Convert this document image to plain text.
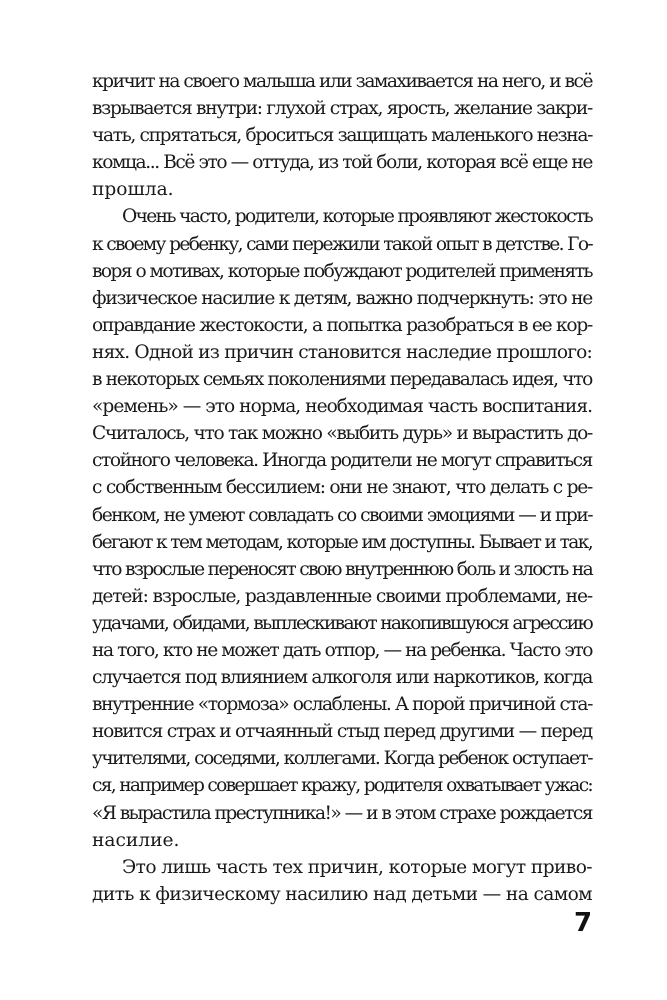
кричит на своего малыша или замахивается на него, и всё
взрывается внутри: глухой страх, ярость, желание закри-
чать, спрятаться, броситься защищать маленького незна-
комца... Всё это — оттуда, из той боли, которая всё еще не
прошла.

Очень часто, родители, которые проявляют жестокость
к своему ребенку, сами пережили такой опыт в детстве. Го-
воря о мотивах, которые побуждают родителей применять
физическое насилие к детям, важно подчеркнуть: это не
оправдание жестокости, а попытка разобраться в ее кор-
нях. Одной из причин становится наследие прошлого:
в некоторых семьях поколениями передавалась идея, что
«ремень» — это норма, необходимая часть воспитания.
Считалось, что так можно «выбить дурь» и вырастить до-
стойного человека. Иногда родители не могут справиться
с собственным бессилием: они не знают, что делать с ре-
бенком, не умеют совладать со своими эмоциями — и при-
бегают к тем методам, которые им доступны. Бывает и так,
что взрослые переносят свою внутреннюю боль и злость на
детей: взрослые, раздавленные своими проблемами, не-
удачами, обидами, выплескивают накопившуюся агрессию
на того, кто не может дать отпор, — на ребенка. Часто это
случается под влиянием алкоголя или наркотиков, когда
внутренние «тормоза» ослаблены. А порой причиной ста-
новится страх и отчаянный стыд перед другими — перед
учителями, соседями, коллегами. Когда ребенок оступает-
ся, например совершает кражу, родителя охватывает ужас:
«Я вырастила преступника!» — и в этом страхе рождается
насилие.

Это лишь часть тех причин, которые могут приво-
дить к физическому насилию над детьми — на самом

7
